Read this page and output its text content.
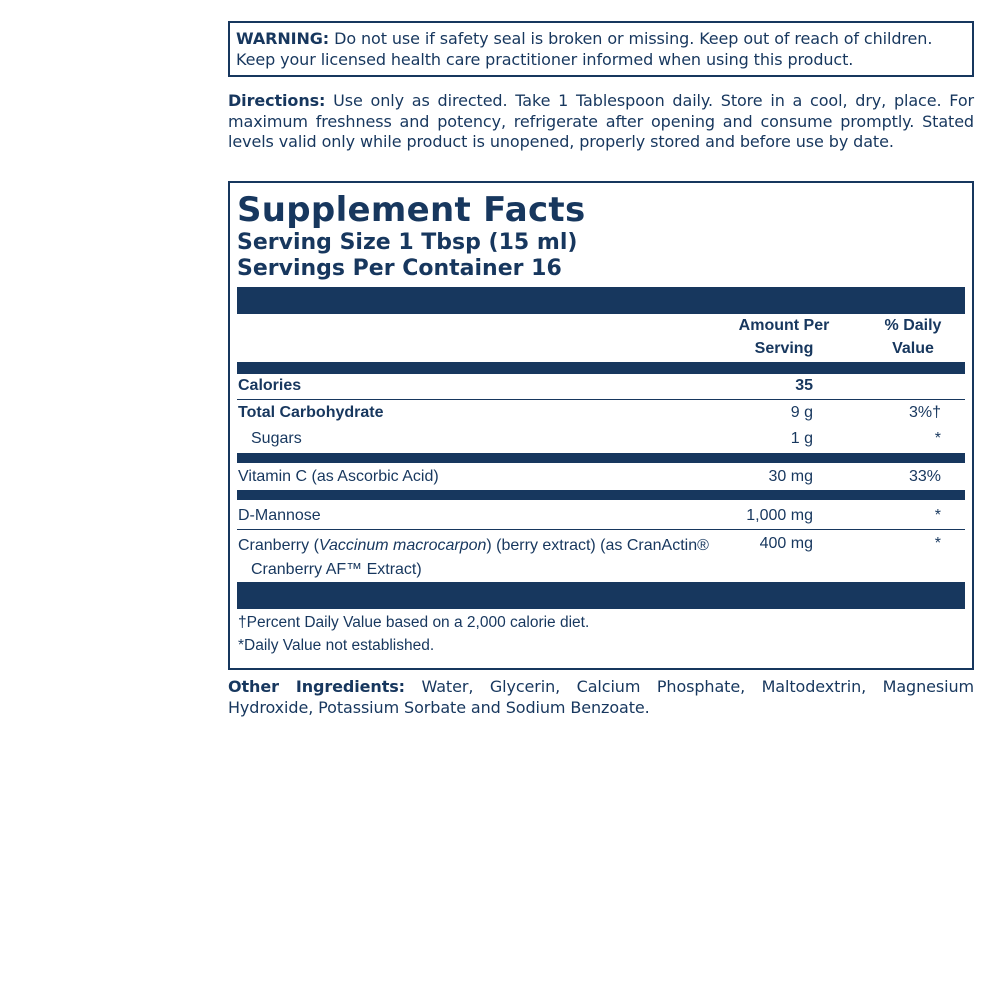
WARNING: Do not use if safety seal is broken or missing. Keep out of reach of children. Keep your licensed health care practitioner informed when using this product.
Directions: Use only as directed. Take 1 Tablespoon daily. Store in a cool, dry, place. For maximum freshness and potency, refrigerate after opening and consume promptly. Stated levels valid only while product is unopened, properly stored and before use by date.
Supplement Facts
Serving Size 1 Tbsp (15 ml)
Servings Per Container 16
Amount Per
Serving
% Daily
Value
Calories	35
Total Carbohydrate	9 g	3%†
Sugars	1 g	*
Vitamin C (as Ascorbic Acid)	30 mg	33%
D-Mannose	1,000 mg	*
Cranberry (Vaccinum macrocarpon) (berry extract) (as CranActin®
Cranberry AF™ Extract)
400 mg	*
†Percent Daily Value based on a 2,000 calorie diet.
*Daily Value not established.
Other Ingredients: Water, Glycerin, Calcium Phosphate, Maltodextrin, Magnesium Hydroxide, Potassium Sorbate and Sodium Benzoate.
